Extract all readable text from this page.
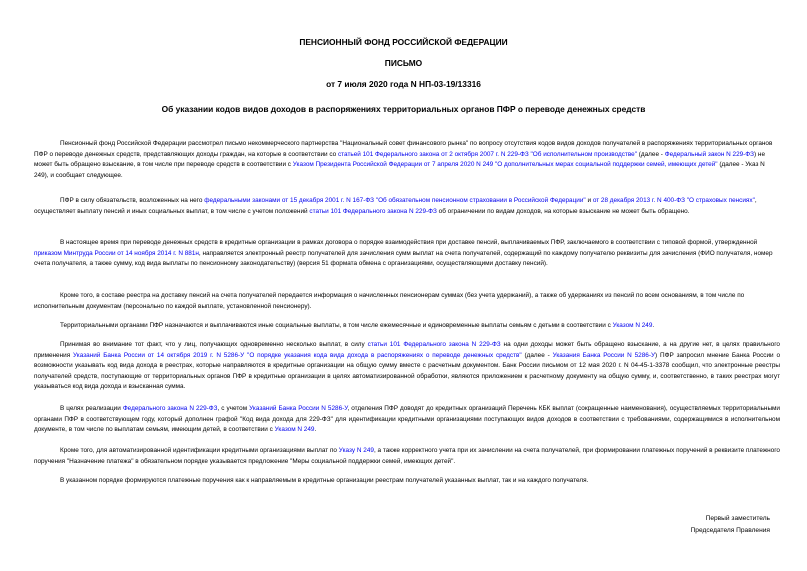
ПЕНСИОННЫЙ ФОНД РОССИЙСКОЙ ФЕДЕРАЦИИ
ПИСЬМО
от 7 июля 2020 года N НП-03-19/13316
Об указании кодов видов доходов в распоряжениях территориальных органов ПФР о переводе денежных средств

Пенсионный фонд Российской Федерации рассмотрел письмо некоммерческого партнерства "Национальный совет финансового рынка" по вопросу отсутствия кодов видов доходов получателей в распоряжениях территориальных органов ПФР о переводе денежных средств, представляющих доходы граждан, на которые в соответствии со статьей 101 Федерального закона от 2 октября 2007 г. N 229-ФЗ "Об исполнительном производстве" (далее - Федеральный закон N 229-ФЗ) не может быть обращено взыскание, в том числе при переводе средств в соответствии с Указом Президента Российской Федерации от 7 апреля 2020 N 249 "О дополнительных мерах социальной поддержки семей, имеющих детей" (далее - Указ N 249), и сообщает следующее.

ПФР в силу обязательств, возложенных на него федеральными законами от 15 декабря 2001 г. N 167-ФЗ "Об обязательном пенсионном страховании в Российской Федерации" и от 28 декабря 2013 г. N 400-ФЗ "О страховых пенсиях", осуществляет выплату пенсий и иных социальных выплат, в том числе с учетом положений статьи 101 Федерального закона N 229-ФЗ об ограничении по видам доходов, на которые взыскание не может быть обращено.

В настоящее время при переводе денежных средств в кредитные организации в рамках договора о порядке взаимодействия при доставке пенсий, выплачиваемых ПФР, заключаемого в соответствии с типовой формой, утвержденной приказом Минтруда России от 14 ноября 2014 г. N 881н, направляется электронный реестр получателей для зачисления сумм выплат на счета получателей, содержащий по каждому получателю реквизиты для зачисления (ФИО получателя, номер счета получателя, а также сумму, код вида выплаты по пенсионному законодательству) (версия 51 формата обмена с организациями, осуществляющими доставку пенсий).

Кроме того, в составе реестра на доставку пенсий на счета получателей передается информация о начисленных пенсионерам суммах (без учета удержаний), а также об удержаниях из пенсий по всем основаниям, в том числе по исполнительным документам (персонально по каждой выплате, установленной пенсионеру).

Территориальными органами ПФР назначаются и выплачиваются иные социальные выплаты, в том числе ежемесячные и единовременные выплаты семьям с детьми в соответствии с Указом N 249.

Принимая во внимание тот факт, что у лиц, получающих одновременно несколько выплат, в силу статьи 101 Федерального закона N 229-ФЗ на одни доходы может быть обращено взыскание, а на другие нет, в целях правильного применения Указаний Банка России от 14 октября 2019 г. N 5286-У "О порядке указания кода вида дохода в распоряжениях о переводе денежных средств" (далее - Указания Банка России N 5286-У) ПФР запросил мнение Банка России о возможности указывать код вида дохода в реестрах, которые направляются в кредитные организации на общую сумму вместе с расчетным документом. Банк России письмом от 12 мая 2020 г. N 04-45-1-3378 сообщил, что электронные реестры получателей средств, поступающие от территориальных органов ПФР в кредитные организации в целях автоматизированной обработки, являются приложением к расчетному документу на общую сумму, и, соответственно, в таких реестрах могут указываться код вида дохода и взысканная сумма.

В целях реализации Федерального закона N 229-ФЗ, с учетом Указаний Банка России N 5286-У, отделения ПФР доводят до кредитных организаций Перечень КБК выплат (сокращенные наименования), осуществляемых территориальными органами ПФР в соответствующем году, который дополнен графой "Код вида дохода для 229-ФЗ" для идентификации кредитными организациями поступающих видов доходов в соответствии с требованиями, содержащимися в исполнительном документе, в том числе по выплатам семьям, имеющим детей, в соответствии с Указом N 249.

Кроме того, для автоматизированной идентификации кредитными организациями выплат по Указу N 249, а также корректного учета при их зачислении на счета получателей, при формировании платежных поручений в реквизите платежного поручения "Назначение платежа" в обязательном порядке указывается предложение "Меры социальной поддержки семей, имеющих детей".

В указанном порядке формируются платежные поручения как к направляемым в кредитные организации реестрам получателей указанных выплат, так и на каждого получателя.

Первый заместитель
Председателя Правления
